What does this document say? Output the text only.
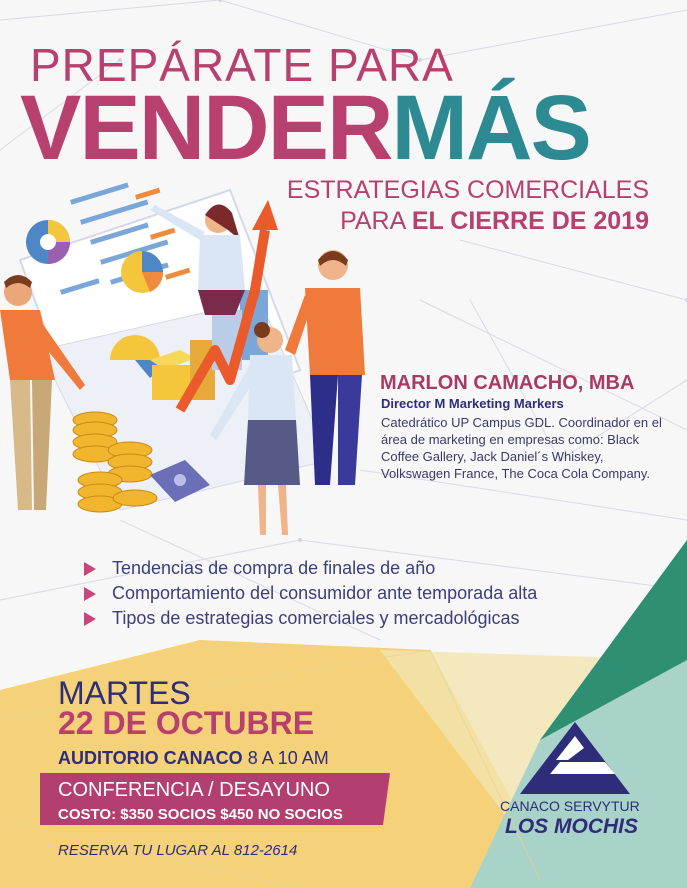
PREPÁRATE PARA
VENDERMÁS
ESTRATEGIAS COMERCIALES
PARA EL CIERRE DE 2019
MARLON CAMACHO, MBA
Director M Marketing Markers
Catedrático UP Campus GDL. Coordinador en el área de marketing en empresas como: Black Coffee Gallery, Jack Daniel´s Whiskey, Volkswagen France, The Coca Cola Company.
Tendencias de compra de finales de año
Comportamiento del consumidor ante temporada alta
Tipos de estrategias comerciales y mercadológicas
MARTES
22 DE OCTUBRE
AUDITORIO CANACO 8 A 10 AM
CONFERENCIA / DESAYUNO
COSTO: $350 SOCIOS $450 NO SOCIOS
RESERVA TU LUGAR AL 812-2614
CANACO SERVYTUR
LOS MOCHIS
